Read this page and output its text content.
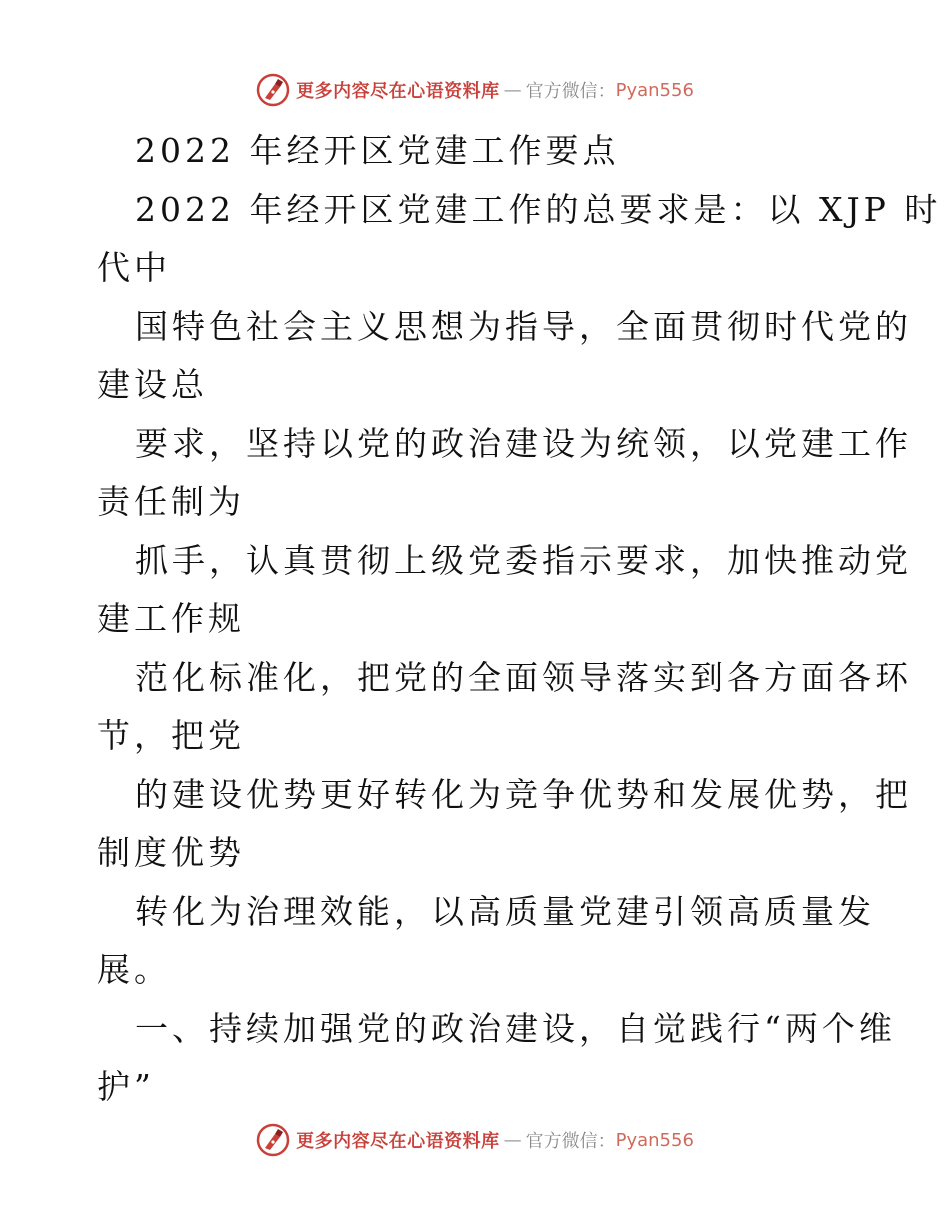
更多内容尽在心语资料库 — 官方微信： Pyan556
2022 年经开区党建工作要点
2022 年经开区党建工作的总要求是：以 XJP 时
代中
国特色社会主义思想为指导，全面贯彻时代党的
建设总
要求，坚持以党的政治建设为统领，以党建工作
责任制为
抓手，认真贯彻上级党委指示要求，加快推动党
建工作规
范化标准化，把党的全面领导落实到各方面各环
节，把党
的建设优势更好转化为竞争优势和发展优势，把
制度优势
转化为治理效能，以高质量党建引领高质量发
展。
一、持续加强党的政治建设，自觉践行“两个维
护”
更多内容尽在心语资料库 — 官方微信： Pyan556
